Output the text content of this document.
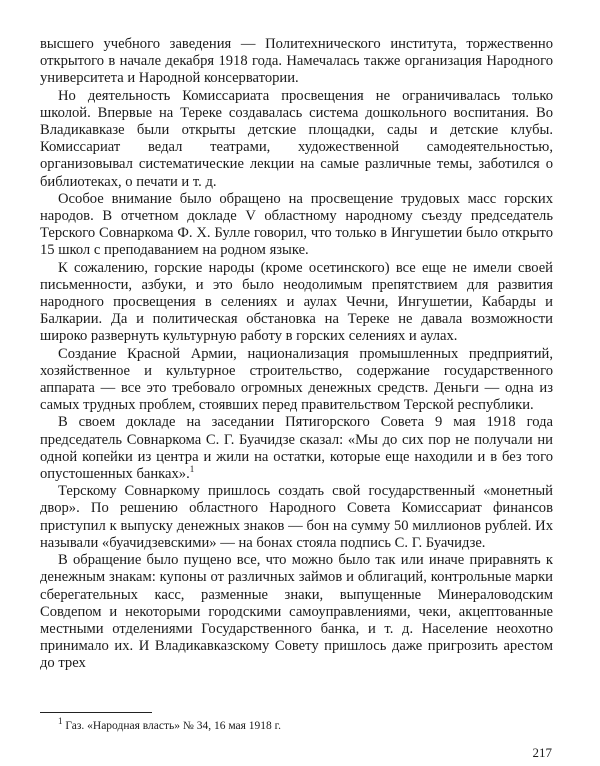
высшего учебного заведения — Политехнического института, торжественно открытого в начале декабря 1918 года. Намечалась также организация Народного университета и Народной консерватории.

Но деятельность Комиссариата просвещения не ограничивалась только школой. Впервые на Тереке создавалась система дошкольного воспитания. Во Владикавказе были открыты детские площадки, сады и детские клубы. Комиссариат ведал театрами, художественной самодеятельностью, организовывал систематические лекции на самые различные темы, заботился о библиотеках, о печати и т. д.

Особое внимание было обращено на просвещение трудовых масс горских народов. В отчетном докладе V областному народному съезду председатель Терского Совнаркома Ф. Х. Булле говорил, что только в Ингушетии было открыто 15 школ с преподаванием на родном языке.

К сожалению, горские народы (кроме осетинского) все еще не имели своей письменности, азбуки, и это было неодолимым препятствием для развития народного просвещения в селениях и аулах Чечни, Ингушетии, Кабарды и Балкарии. Да и политическая обстановка на Тереке не давала возможности широко развернуть культурную работу в горских селениях и аулах.

Создание Красной Армии, национализация промышленных предприятий, хозяйственное и культурное строительство, содержание государственного аппарата — все это требовало огромных денежных средств. Деньги — одна из самых трудных проблем, стоявших перед правительством Терской республики.

В своем докладе на заседании Пятигорского Совета 9 мая 1918 года председатель Совнаркома С. Г. Буачидзе сказал: «Мы до сих пор не получали ни одной копейки из центра и жили на остатки, которые еще находили и в без того опустошенных банках».$^1$

Терскому Совнаркому пришлось создать свой государственный «монетный двор». По решению областного Народного Совета Комиссариат финансов приступил к выпуску денежных знаков — бон на сумму 50 миллионов рублей. Их называли «буачидзевскими» — на бонах стояла подпись С. Г. Буачидзе.

В обращение было пущено все, что можно было так или иначе приравнять к денежным знакам: купоны от различных займов и облигаций, контрольные марки сберегательных касс, разменные знаки, выпущенные Минераловодским Совдепом и некоторыми городскими самоуправлениями, чеки, акцептованные местными отделениями Государственного банка, и т. д. Население неохотно принимало их. И Владикавказскому Совету пришлось даже пригрозить арестом до трех

$^1$ Газ. «Народная власть» № 34, 16 мая 1918 г.
217
